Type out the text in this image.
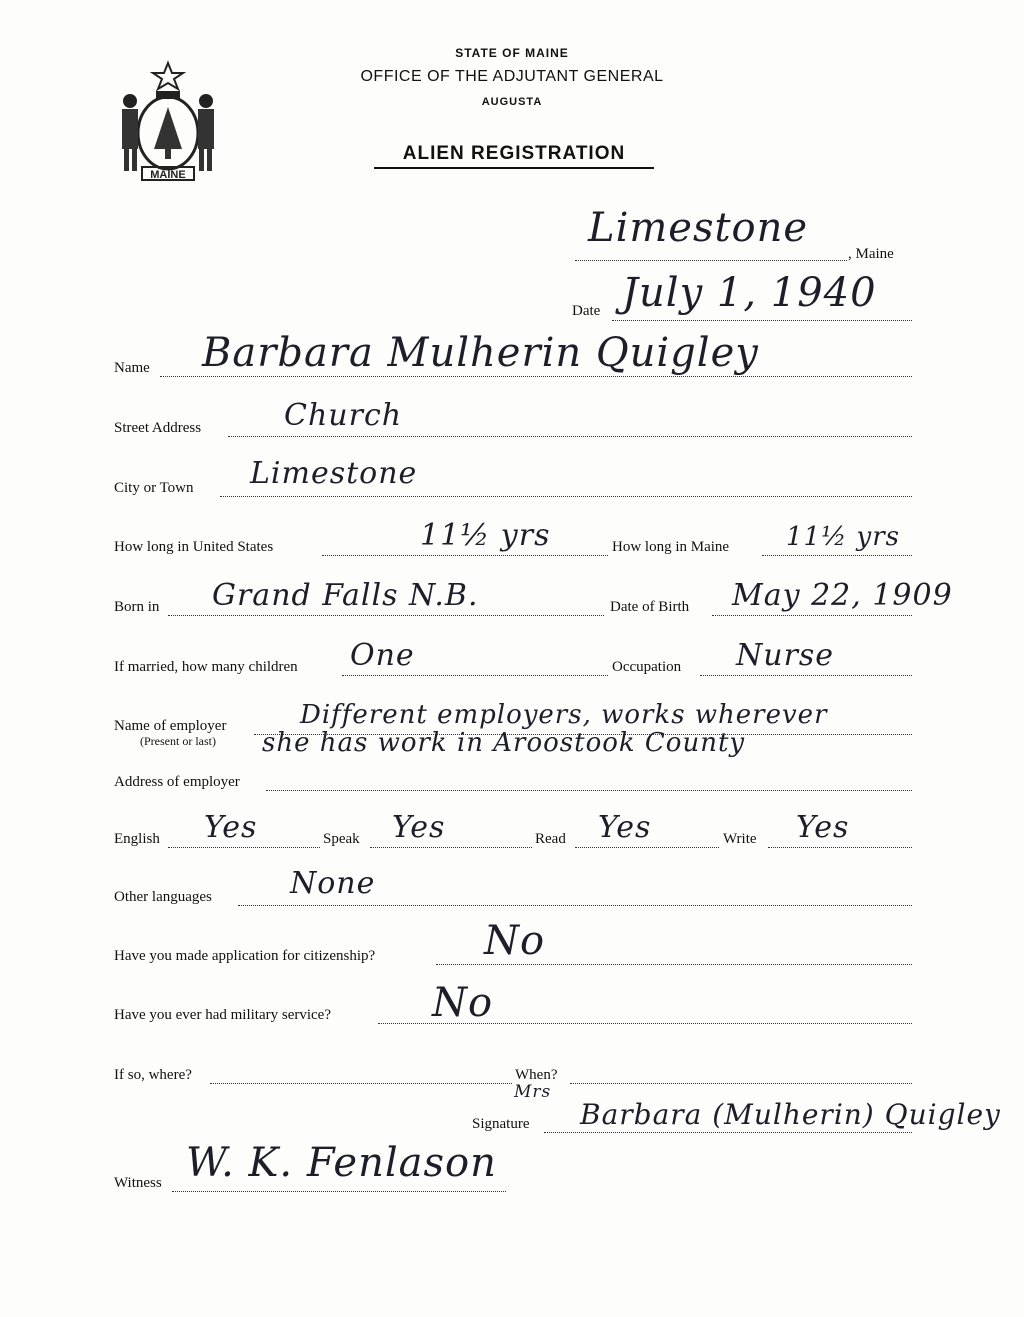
MAINE
STATE OF MAINE
OFFICE OF THE ADJUTANT GENERAL
AUGUSTA
ALIEN REGISTRATION
Limestone
, Maine
Date July 1, 1940
Name Barbara Mulherin Quigley
Street Address	Church
City or Town Limestone
How long in United States	11½ yrs	How long in Maine 11½ yrs
Born in Grand Falls N.B.	Date of Birth May 22, 1909
If married, how many children One	Occupation Nurse
Name of employer
(Present or last)
Different employers, works wherever
she has work in Aroostook County
Address of employer
English Yes	Speak Yes	Read Yes	Write Yes
Other languages	None
Have you made application for citizenship?	No
Have you ever had military service?	No
If so, where?	When?
Mrs
Signature Barbara (Mulherin) Quigley
Witness W. K. Fenlason
